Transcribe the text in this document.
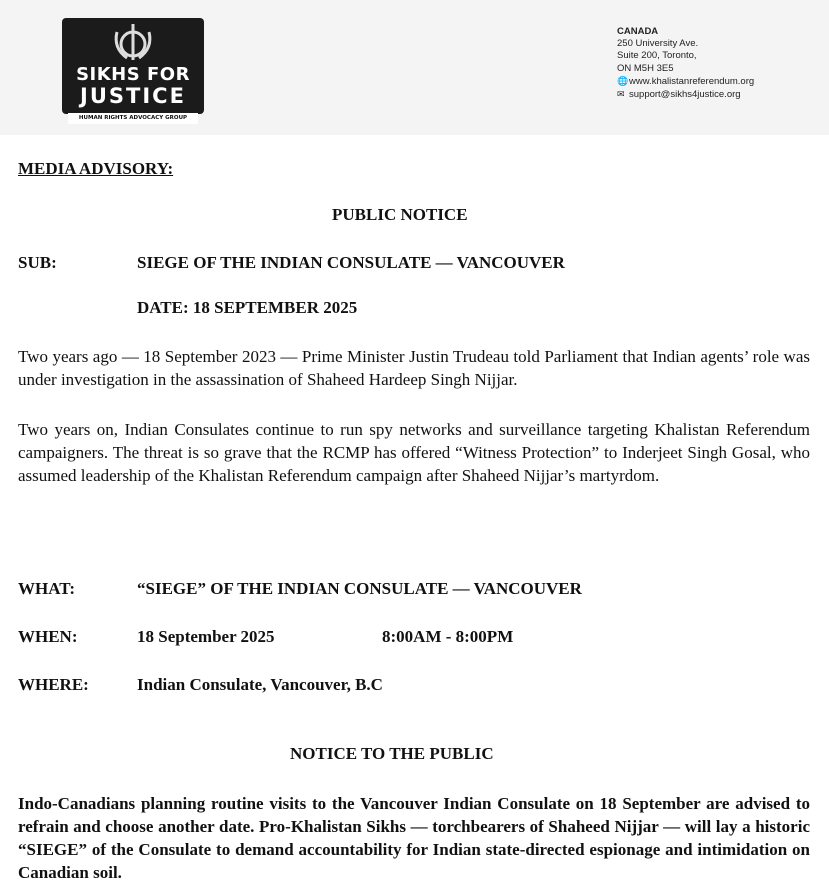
SIKHS FOR
JUSTICE
HUMAN RIGHTS ADVOCACY GROUP
CANADA
250 University Ave.
Suite 200, Toronto,
ON M5H 3E5
🌐www.khalistanreferendum.org
✉ support@sikhs4justice.org
MEDIA ADVISORY:
PUBLIC NOTICE
SUB:	SIEGE OF THE INDIAN CONSULATE — VANCOUVER
DATE: 18 SEPTEMBER 2025
Two years ago — 18 September 2023 — Prime Minister Justin Trudeau told Parliament that Indian agents’ role was under investigation in the assassination of Shaheed Hardeep Singh Nijjar.
Two years on, Indian Consulates continue to run spy networks and surveillance targeting Khalistan Referendum campaigners. The threat is so grave that the RCMP has offered “Witness Protection” to Inderjeet Singh Gosal, who assumed leadership of the Khalistan Referendum campaign after Shaheed Nijjar’s martyrdom.
WHAT:	“SIEGE” OF THE INDIAN CONSULATE — VANCOUVER
WHEN:	18 September 2025	8:00AM - 8:00PM
WHERE:	Indian Consulate, Vancouver, B.C
NOTICE TO THE PUBLIC
Indo-Canadians planning routine visits to the Vancouver Indian Consulate on 18 September are advised to refrain and choose another date. Pro-Khalistan Sikhs — torchbearers of Shaheed Nijjar — will lay a historic “SIEGE” of the Consulate to demand accountability for Indian state-directed espionage and intimidation on Canadian soil.
